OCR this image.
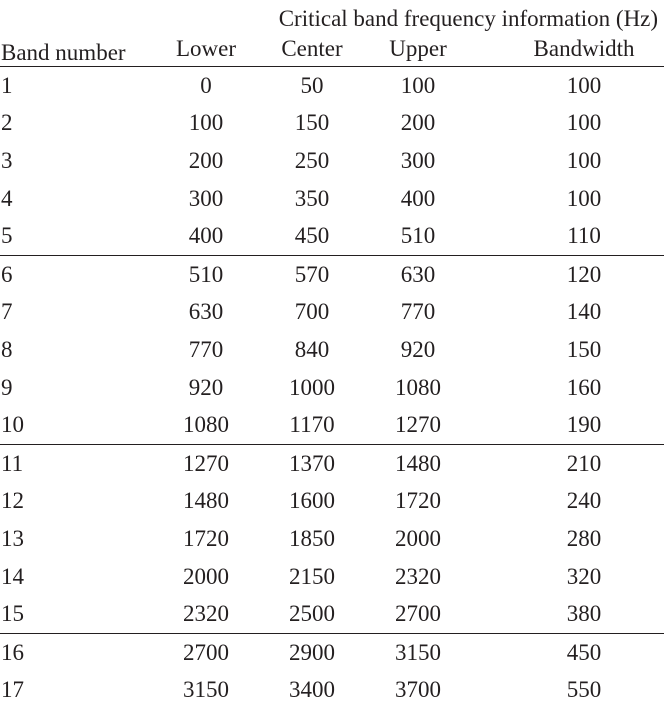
Band number	Critical band frequency information (Hz)			
	Lower	Center	Upper	Bandwidth
1	0	50	100	100
2	100	150	200	100
3	200	250	300	100
4	300	350	400	100
5	400	450	510	110
6	510	570	630	120
7	630	700	770	140
8	770	840	920	150
9	920	1000	1080	160
10	1080	1170	1270	190
11	1270	1370	1480	210
12	1480	1600	1720	240
13	1720	1850	2000	280
14	2000	2150	2320	320
15	2320	2500	2700	380
16	2700	2900	3150	450
17	3150	3400	3700	550
